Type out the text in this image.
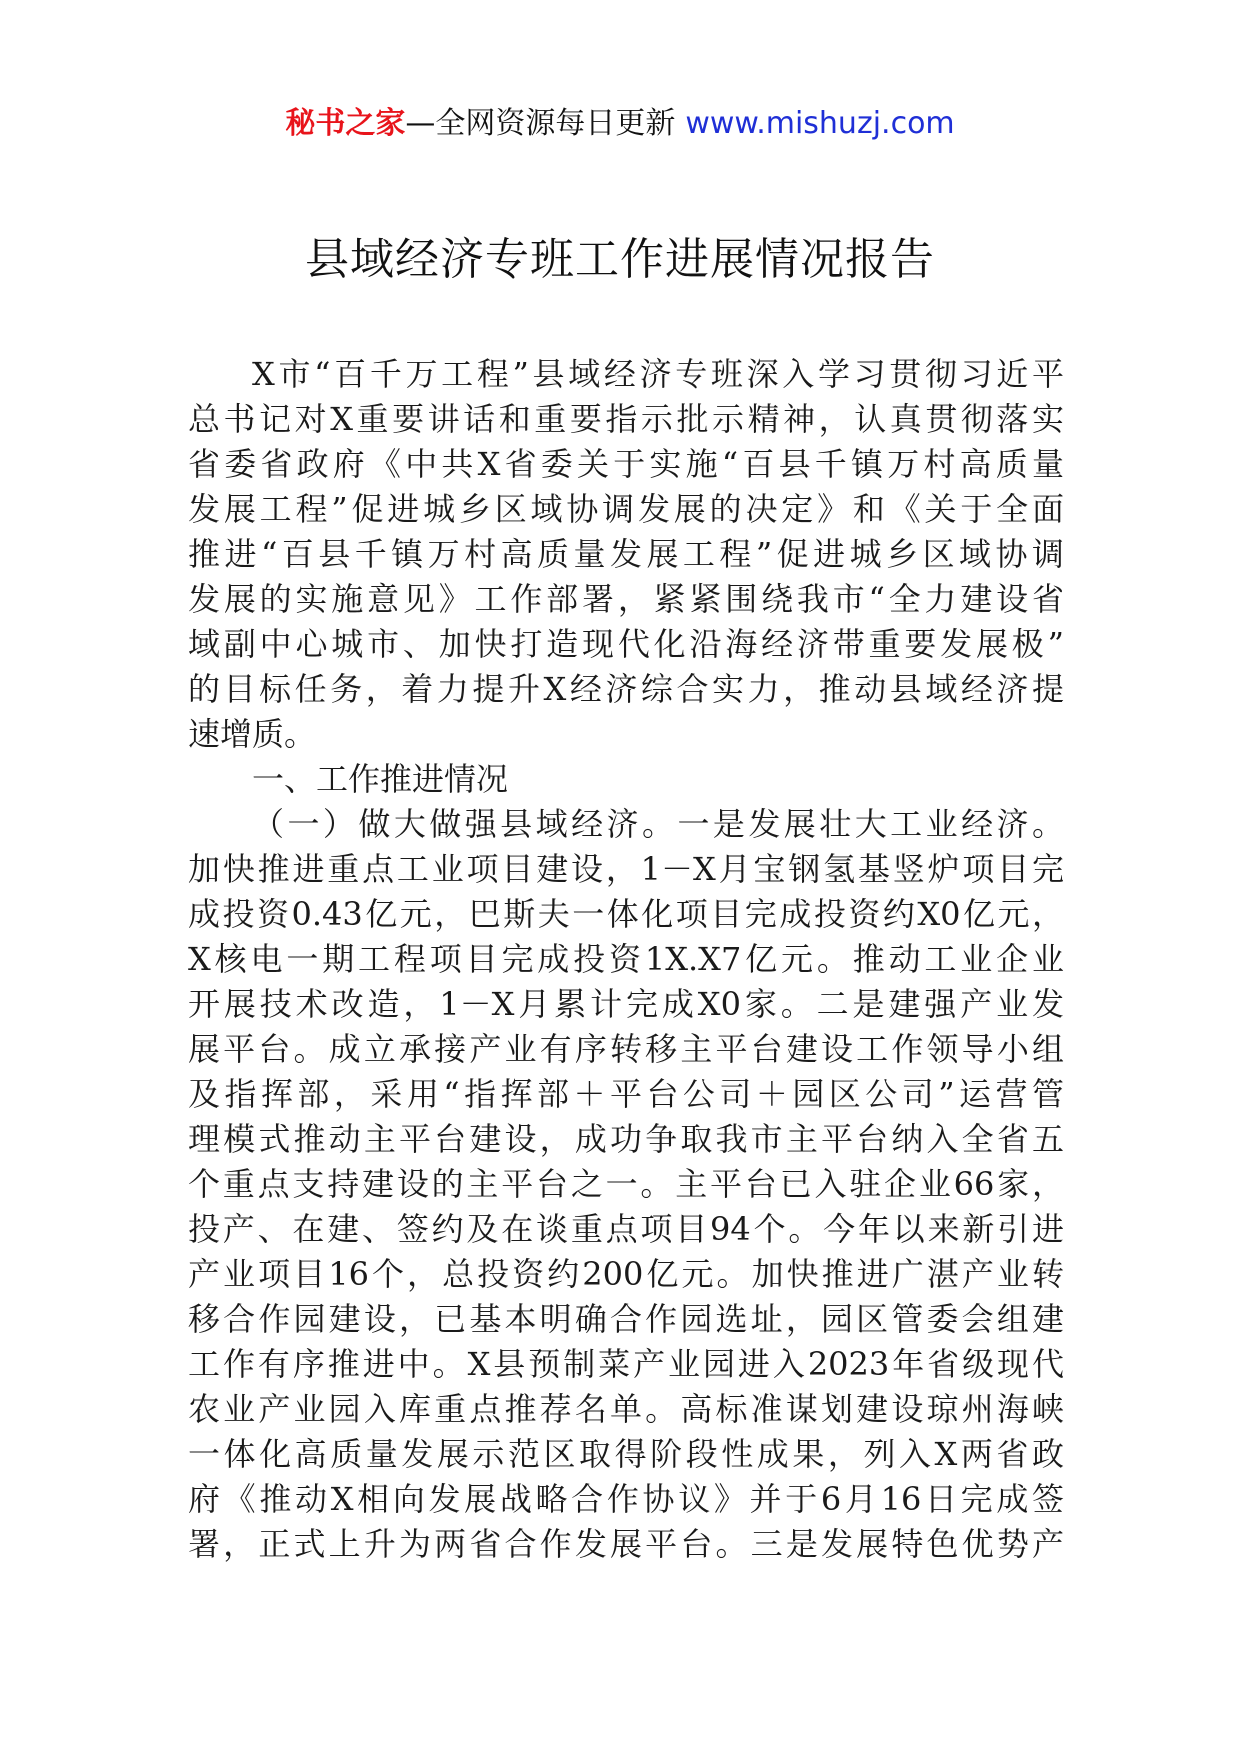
秘书之家—全网资源每日更新 www.mishuzj.com
县域经济专班工作进展情况报告
X市“百千万工程”县域经济专班深入学习贯彻习近平
总书记对X重要讲话和重要指示批示精神，认真贯彻落实
省委省政府《中共X省委关于实施“百县千镇万村高质量
发展工程”促进城乡区域协调发展的决定》和《关于全面
推进“百县千镇万村高质量发展工程”促进城乡区域协调
发展的实施意见》工作部署，紧紧围绕我市“全力建设省
域副中心城市、加快打造现代化沿海经济带重要发展极”
的目标任务，着力提升X经济综合实力，推动县域经济提
速增质。
一、工作推进情况
（一）做大做强县域经济。一是发展壮大工业经济。
加快推进重点工业项目建设，1－X月宝钢氢基竖炉项目完
成投资0.43亿元，巴斯夫一体化项目完成投资约X0亿元，
X核电一期工程项目完成投资1X.X7亿元。推动工业企业
开展技术改造，1－X月累计完成X0家。二是建强产业发
展平台。成立承接产业有序转移主平台建设工作领导小组
及指挥部，采用“指挥部＋平台公司＋园区公司”运营管
理模式推动主平台建设，成功争取我市主平台纳入全省五
个重点支持建设的主平台之一。主平台已入驻企业66家，
投产、在建、签约及在谈重点项目94个。今年以来新引进
产业项目16个，总投资约200亿元。加快推进广湛产业转
移合作园建设，已基本明确合作园选址，园区管委会组建
工作有序推进中。X县预制菜产业园进入2023年省级现代
农业产业园入库重点推荐名单。高标准谋划建设琼州海峡
一体化高质量发展示范区取得阶段性成果，列入X两省政
府《推动X相向发展战略合作协议》并于6月16日完成签
署，正式上升为两省合作发展平台。三是发展特色优势产
